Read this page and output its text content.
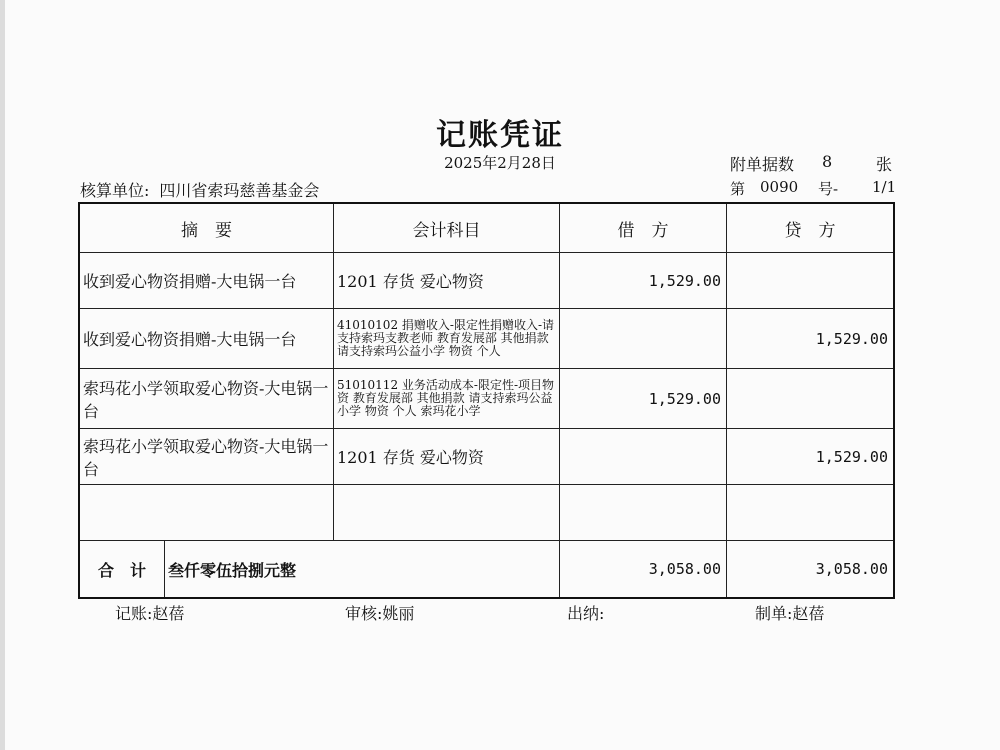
记账凭证
2025年2月28日	附单据数 8	张
核算单位: 四川省索玛慈善基金会	第 0090 号- 1/1
摘　要		会计科目	借　方	贷　方
收到爱心物资捐赠-大电锅一台		1201 存货 爱心物资	1,529.00	
收到爱心物资捐赠-大电锅一台		41010102 捐赠收入-限定性捐赠收入-请支持索玛支教老师 教育发展部 其他捐款 请支持索玛公益小学 物资 个人		1,529.00
索玛花小学领取爱心物资-大电锅一台		51010112 业务活动成本-限定性-项目物资 教育发展部 其他捐款 请支持索玛公益小学 物资 个人 索玛花小学	1,529.00	
索玛花小学领取爱心物资-大电锅一台		1201 存货 爱心物资		1,529.00

合　计	叁仟零伍拾捌元整		3,058.00	3,058.00
记账:赵蓓	审核:姚丽	出纳:	制单:赵蓓
